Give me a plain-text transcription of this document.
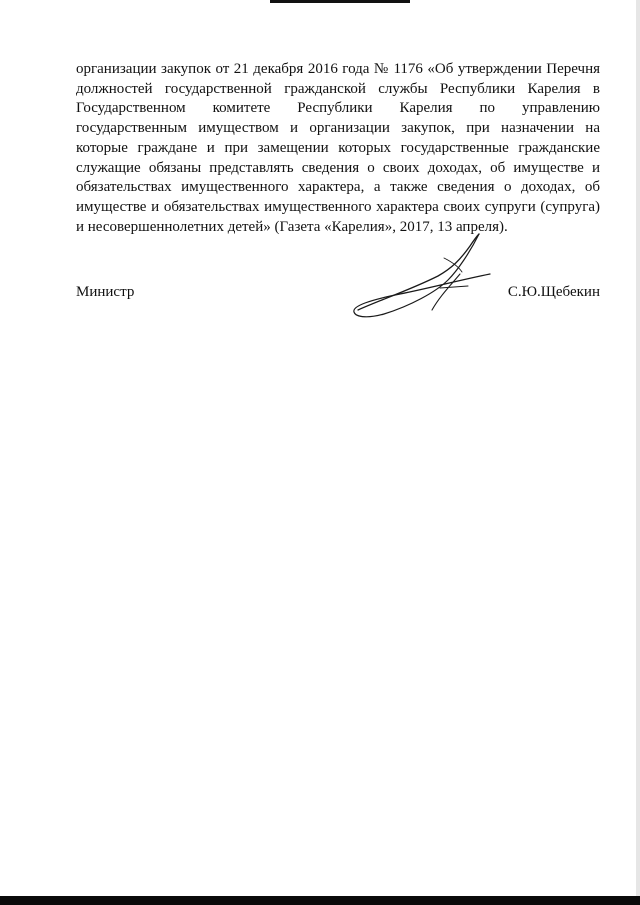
организации закупок от 21 декабря 2016 года № 1176 «Об утверждении Перечня
должностей государственной гражданской службы Республики Карелия в
Государственном комитете Республики Карелия по управлению
государственным имуществом и организации закупок, при назначении на
которые граждане и при замещении которых государственные гражданские
служащие обязаны представлять сведения о своих доходах, об имуществе и
обязательствах имущественного характера, а также сведения о доходах, об
имуществе и обязательствах имущественного характера своих супруги (супруга)
и несовершеннолетних детей» (Газета «Карелия», 2017, 13 апреля).
Министр	С.Ю.Щебекин
